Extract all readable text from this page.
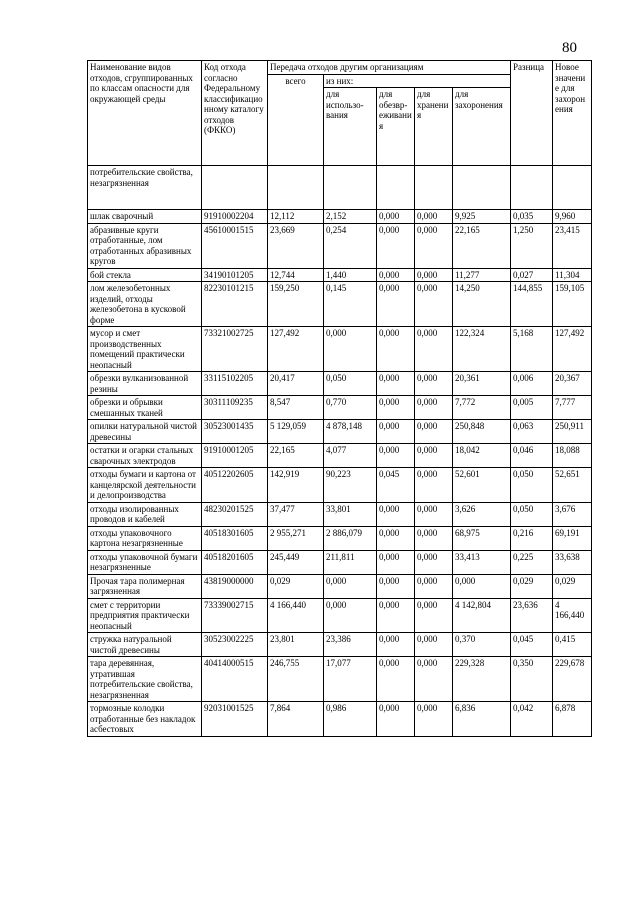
80
Наименование видов отходов, сгруппированных по классам опасности для окружающей среды	Код отхода согласно Федеральному классификационному каталогу отходов (ФККО)	Передача отходов другим организациям					Разница	Новое значение для захоронения
		всего	из них:					
			для использо-вания	для обезвр-еживания	для хранения	для захоронения		
потребительские свойства, незагрязненная								
шлак сварочный	91910002204	12,112	2,152	0,000	0,000	9,925	0,035	9,960
абразивные круги отработанные, лом отработанных абразивных кругов	45610001515	23,669	0,254	0,000	0,000	22,165	1,250	23,415
бой стекла	34190101205	12,744	1,440	0,000	0,000	11,277	0,027	11,304
лом железобетонных изделий, отходы железобетона в кусковой форме	82230101215	159,250	0,145	0,000	0,000	14,250	144,855	159,105
мусор и смет производственных помещений практически неопасный	73321002725	127,492	0,000	0,000	0,000	122,324	5,168	127,492
обрезки вулканизованной резины	33115102205	20,417	0,050	0,000	0,000	20,361	0,006	20,367
обрезки и обрывки смешанных тканей	30311109235	8,547	0,770	0,000	0,000	7,772	0,005	7,777
опилки натуральной чистой древесины	30523001435	5 129,059	4 878,148	0,000	0,000	250,848	0,063	250,911
остатки и огарки стальных сварочных электродов	91910001205	22,165	4,077	0,000	0,000	18,042	0,046	18,088
отходы бумаги и картона от канцелярской деятельности и делопроизводства	40512202605	142,919	90,223	0,045	0,000	52,601	0,050	52,651
отходы изолированных проводов и кабелей	48230201525	37,477	33,801	0,000	0,000	3,626	0,050	3,676
отходы упаковочного картона незагрязненные	40518301605	2 955,271	2 886,079	0,000	0,000	68,975	0,216	69,191
отходы упаковочной бумаги незагрязненные	40518201605	245,449	211,811	0,000	0,000	33,413	0,225	33,638
Прочая тара полимерная загрязненная	43819000000	0,029	0,000	0,000	0,000	0,000	0,029	0,029
смет с территории предприятия практически неопасный	73339002715	4 166,440	0,000	0,000	0,000	4 142,804	23,636	4 166,440
стружка натуральной чистой древесины	30523002225	23,801	23,386	0,000	0,000	0,370	0,045	0,415
тара деревянная, утратившая потребительские свойства, незагрязненная	40414000515	246,755	17,077	0,000	0,000	229,328	0,350	229,678
тормозные колодки отработанные без накладок асбестовых	92031001525	7,864	0,986	0,000	0,000	6,836	0,042	6,878
